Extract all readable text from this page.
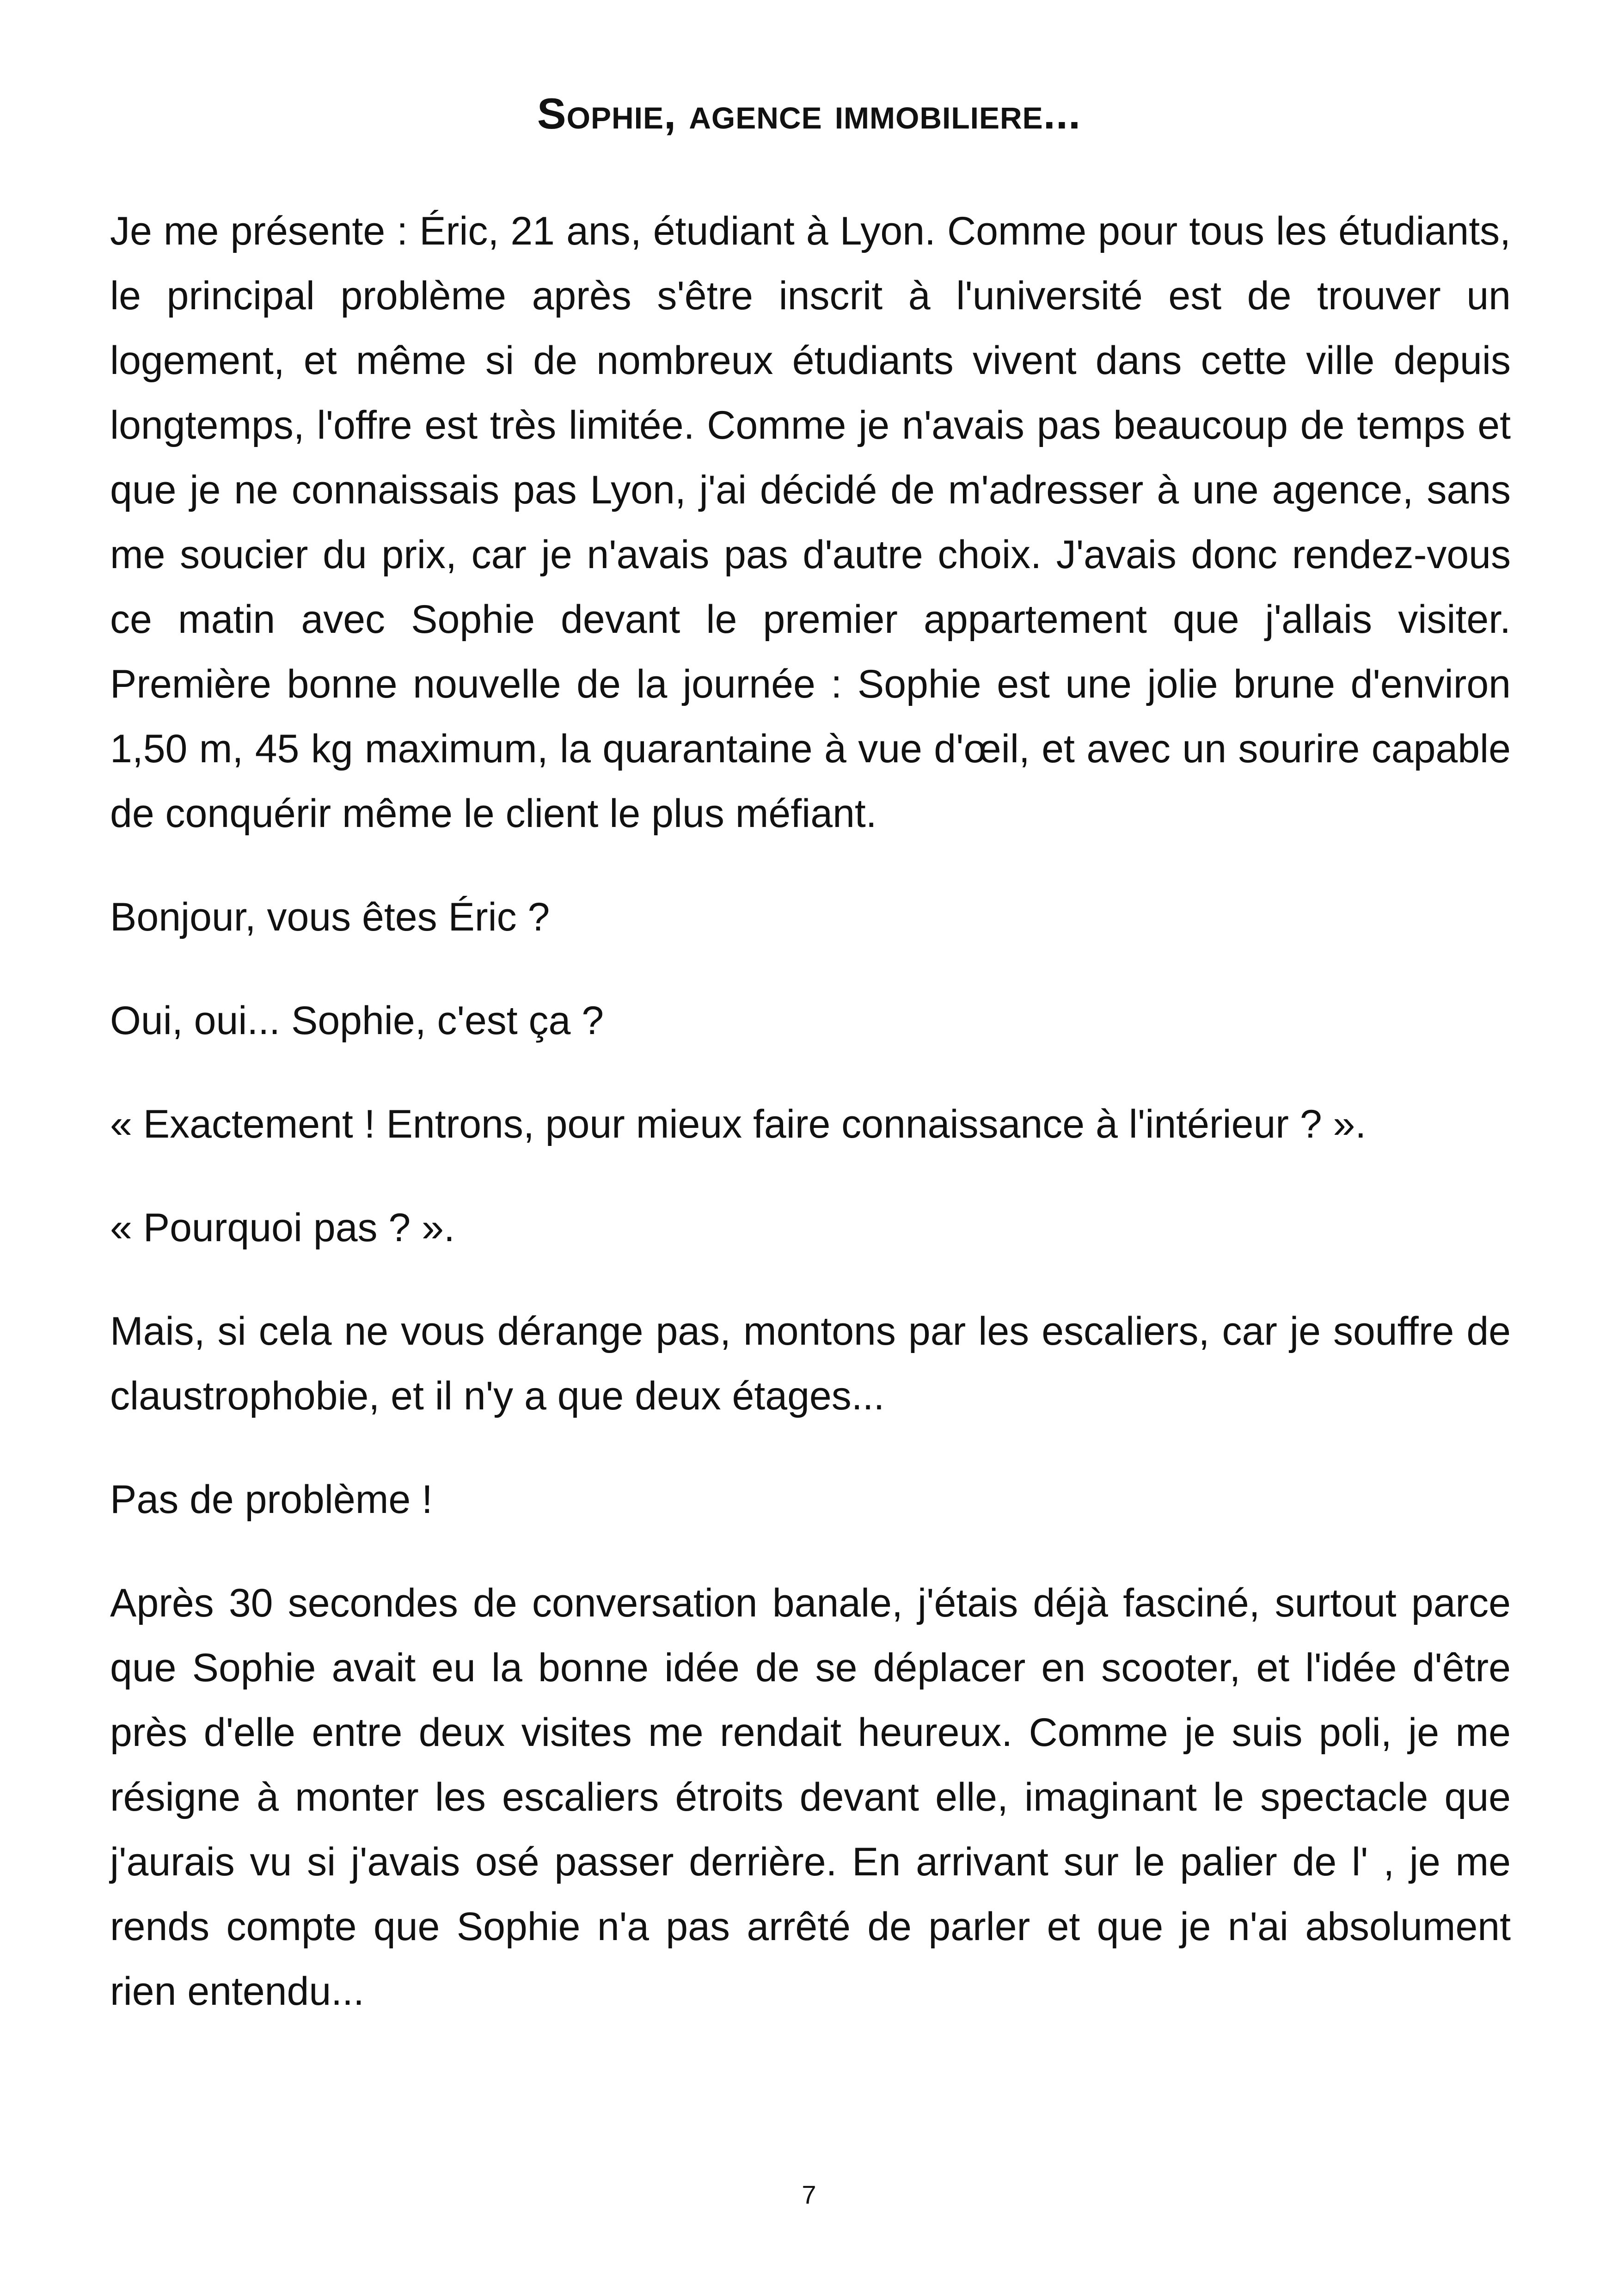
Sophie, agence immobiliere...

Je me présente : Éric, 21 ans, étudiant à Lyon. Comme pour tous les étudiants, le principal problème après s'être inscrit à l'université est de trouver un logement, et même si de nombreux étudiants vivent dans cette ville depuis longtemps, l'offre est très limitée. Comme je n'avais pas beaucoup de temps et que je ne connaissais pas Lyon, j'ai décidé de m'adresser à une agence, sans me soucier du prix, car je n'avais pas d'autre choix. J'avais donc rendez-vous ce matin avec Sophie devant le premier appartement que j'allais visiter. Première bonne nouvelle de la journée : Sophie est une jolie brune d'environ 1,50 m, 45 kg maximum, la quarantaine à vue d'œil, et avec un sourire capable de conquérir même le client le plus méfiant.

Bonjour, vous êtes Éric ?

Oui, oui... Sophie, c'est ça ?

« Exactement ! Entrons, pour mieux faire connaissance à l'intérieur ? ».

« Pourquoi pas ? ».

Mais, si cela ne vous dérange pas, montons par les escaliers, car je souffre de claustrophobie, et il n'y a que deux étages...

Pas de problème !

Après 30 secondes de conversation banale, j'étais déjà fasciné, surtout parce que Sophie avait eu la bonne idée de se déplacer en scooter, et l'idée d'être près d'elle entre deux visites me rendait heureux. Comme je suis poli, je me résigne à monter les escaliers étroits devant elle, imaginant le spectacle que j'aurais vu si j'avais osé passer derrière. En arrivant sur le palier de l' , je me rends compte que Sophie n'a pas arrêté de parler et que je n'ai absolument rien entendu...

7
